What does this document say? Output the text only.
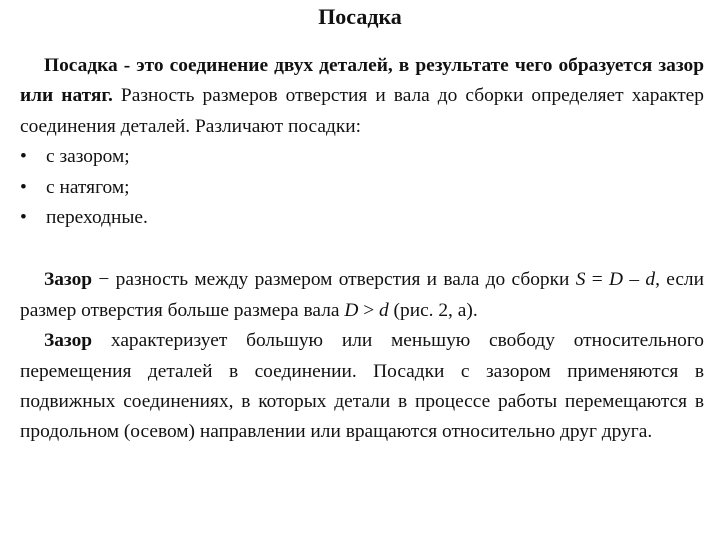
Посадка

Посадка - это соединение двух деталей, в результате чего образуется зазор или натяг. Разность размеров отверстия и вала до сборки определяет характер соединения деталей. Различают посадки:

• с зазором;
• с натягом;
• переходные.

Зазор − разность между размером отверстия и вала до сборки S = D – d, если размер отверстия больше размера вала D > d (рис. 2, а).

Зазор характеризует большую или меньшую свободу относительного перемещения деталей в соединении. Посадки с зазором применяются в подвижных соединениях, в которых детали в процессе работы перемещаются в продольном (осевом) направлении или вращаются относительно друг друга.
